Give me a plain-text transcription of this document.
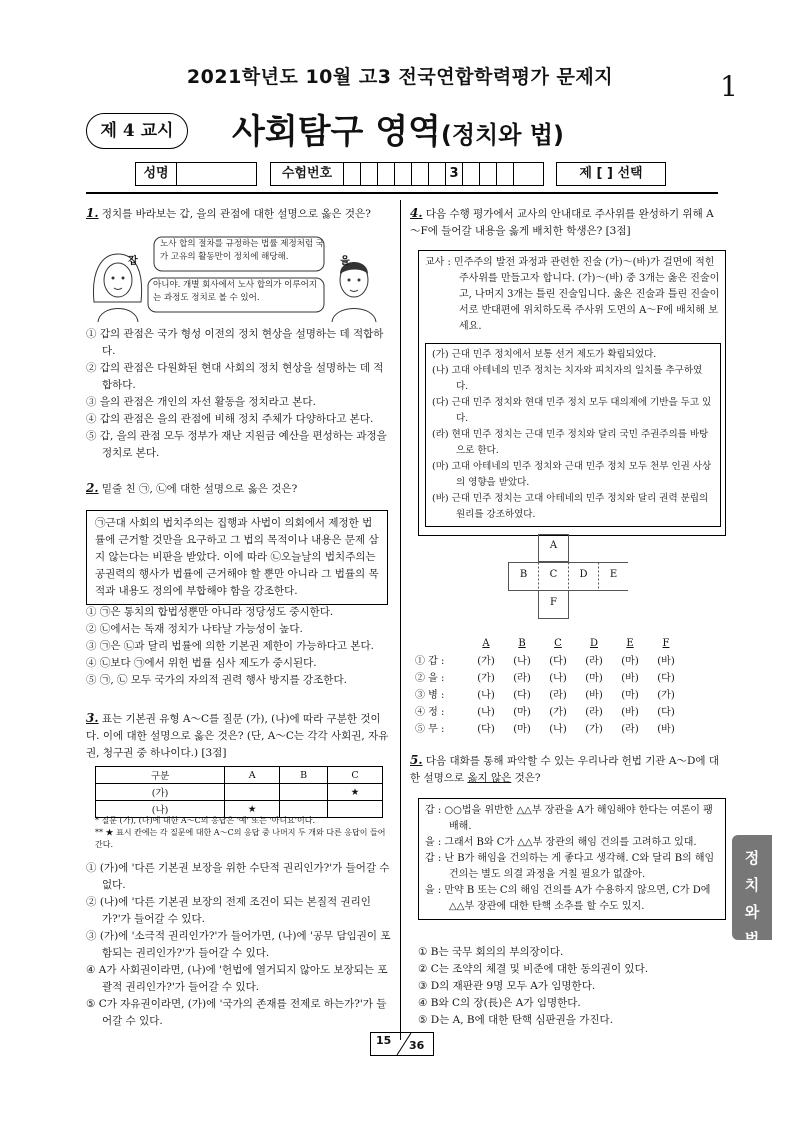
2021학년도 10월 고3 전국연합학력평가 문제지	1
제 4 교시	사회탐구 영역(정치와 법)
성명	수험번호	3	제 [ ] 선택
1. 정치를 바라보는 갑, 을의 관점에 대한 설명으로 옳은 것은?
갑	을
노사 합의 절차를 규정하는 법률 제정처럼 국가 고유의 활동만이 정치에 해당해.
아니야. 개별 회사에서 노사 합의가 이루어지는 과정도 정치로 볼 수 있어.
① 갑의 관점은 국가 형성 이전의 정치 현상을 설명하는 데 적합하다.
② 갑의 관점은 다원화된 현대 사회의 정치 현상을 설명하는 데 적합하다.
③ 을의 관점은 개인의 자선 활동을 정치라고 본다.
④ 갑의 관점은 을의 관점에 비해 정치 주체가 다양하다고 본다.
⑤ 갑, 을의 관점 모두 정부가 재난 지원금 예산을 편성하는 과정을 정치로 본다.
2. 밑줄 친 ㉠, ㉡에 대한 설명으로 옳은 것은?
㉠근대 사회의 법치주의는 집행과 사법이 의회에서 제정한 법률에 근거할 것만을 요구하고 그 법의 목적이나 내용은 문제 삼지 않는다는 비판을 받았다. 이에 따라 ㉡오늘날의 법치주의는 공권력의 행사가 법률에 근거해야 할 뿐만 아니라 그 법률의 목적과 내용도 정의에 부합해야 함을 강조한다.
① ㉠은 통치의 합법성뿐만 아니라 정당성도 중시한다.
② ㉡에서는 독재 정치가 나타날 가능성이 높다.
③ ㉠은 ㉡과 달리 법률에 의한 기본권 제한이 가능하다고 본다.
④ ㉡보다 ㉠에서 위헌 법률 심사 제도가 중시된다.
⑤ ㉠, ㉡ 모두 국가의 자의적 권력 행사 방지를 강조한다.
3. 표는 기본권 유형 A～C를 질문 (가), (나)에 따라 구분한 것이다. 이에 대한 설명으로 옳은 것은? (단, A～C는 각각 사회권, 자유권, 청구권 중 하나이다.) [3점]
구분	A	B	C
(가)			★
(나)	★		
* 질문 (가), (나)에 대한 A～C의 응답은 '예' 또는 '아니요'이다.
** ★ 표시 칸에는 각 질문에 대한 A～C의 응답 중 나머지 두 개와 다른 응답이 들어간다.
① (가)에 '다른 기본권 보장을 위한 수단적 권리인가?'가 들어갈 수 없다.
② (나)에 '다른 기본권 보장의 전제 조건이 되는 본질적 권리인가?'가 들어갈 수 있다.
③ (가)에 '소극적 권리인가?'가 들어가면, (나)에 '공무 담임권이 포함되는 권리인가?'가 들어갈 수 있다.
④ A가 사회권이라면, (나)에 '헌법에 열거되지 않아도 보장되는 포괄적 권리인가?'가 들어갈 수 있다.
⑤ C가 자유권이라면, (가)에 '국가의 존재를 전제로 하는가?'가 들어갈 수 있다.
4. 다음 수행 평가에서 교사의 안내대로 주사위를 완성하기 위해 A～F에 들어갈 내용을 옳게 배치한 학생은? [3점]
교사 : 민주주의 발전 과정과 관련한 진술 (가)～(바)가 걸면에 적힌 주사위를 만들고자 합니다. (가)～(바) 중 3개는 옳은 진술이고, 나머지 3개는 틀린 진술입니다. 옳은 진술과 틀린 진술이 서로 반대편에 위치하도록 주사위 도면의 A～F에 배치해 보세요.
(가) 근대 민주 정치에서 보통 선거 제도가 확립되었다.
(나) 고대 아테네의 민주 정치는 치자와 피치자의 일치를 추구하였다.
(다) 근대 민주 정치와 현대 민주 정치 모두 대의제에 기반을 두고 있다.
(라) 현대 민주 정치는 근대 민주 정치와 달리 국민 주권주의를 바탕으로 한다.
(마) 고대 아테네의 민주 정치와 근대 민주 정치 모두 천부 인권 사상의 영향을 받았다.
(바) 근대 민주 정치는 고대 아테네의 민주 정치와 달리 권력 분립의 원리를 강조하였다.
A
B	C	D	E
F
	A	B	C	D	E	F
① 갑 :	(가)	(나)	(다)	(라)	(마)	(바)
② 을 :	(가)	(라)	(나)	(마)	(바)	(다)
③ 병 :	(나)	(다)	(라)	(바)	(마)	(가)
④ 정 :	(나)	(마)	(가)	(라)	(바)	(다)
⑤ 무 :	(다)	(마)	(나)	(가)	(라)	(바)
5. 다음 대화를 통해 파악할 수 있는 우리나라 헌법 기관 A～D에 대한 설명으로 옳지 않은 것은?
갑 : ○○법을 위반한 △△부 장관을 A가 해임해야 한다는 여론이 팽배해.
을 : 그래서 B와 C가 △△부 장관의 해임 건의를 고려하고 있대.
갑 : 난 B가 해임을 건의하는 게 좋다고 생각해. C와 달리 B의 해임 건의는 별도 의결 과정을 거칠 필요가 없잖아.
을 : 만약 B 또는 C의 해임 건의를 A가 수용하지 않으면, C가 D에 △△부 장관에 대한 탄핵 소추를 할 수도 있지.
① B는 국무 회의의 부의장이다.
② C는 조약의 체결 및 비준에 대한 동의권이 있다.
③ D의 재판관 9명 모두 A가 임명한다.
④ B와 C의 장(長)은 A가 임명한다.
⑤ D는 A, B에 대한 탄핵 심판권을 가진다.
정
치
와
법
15 36
